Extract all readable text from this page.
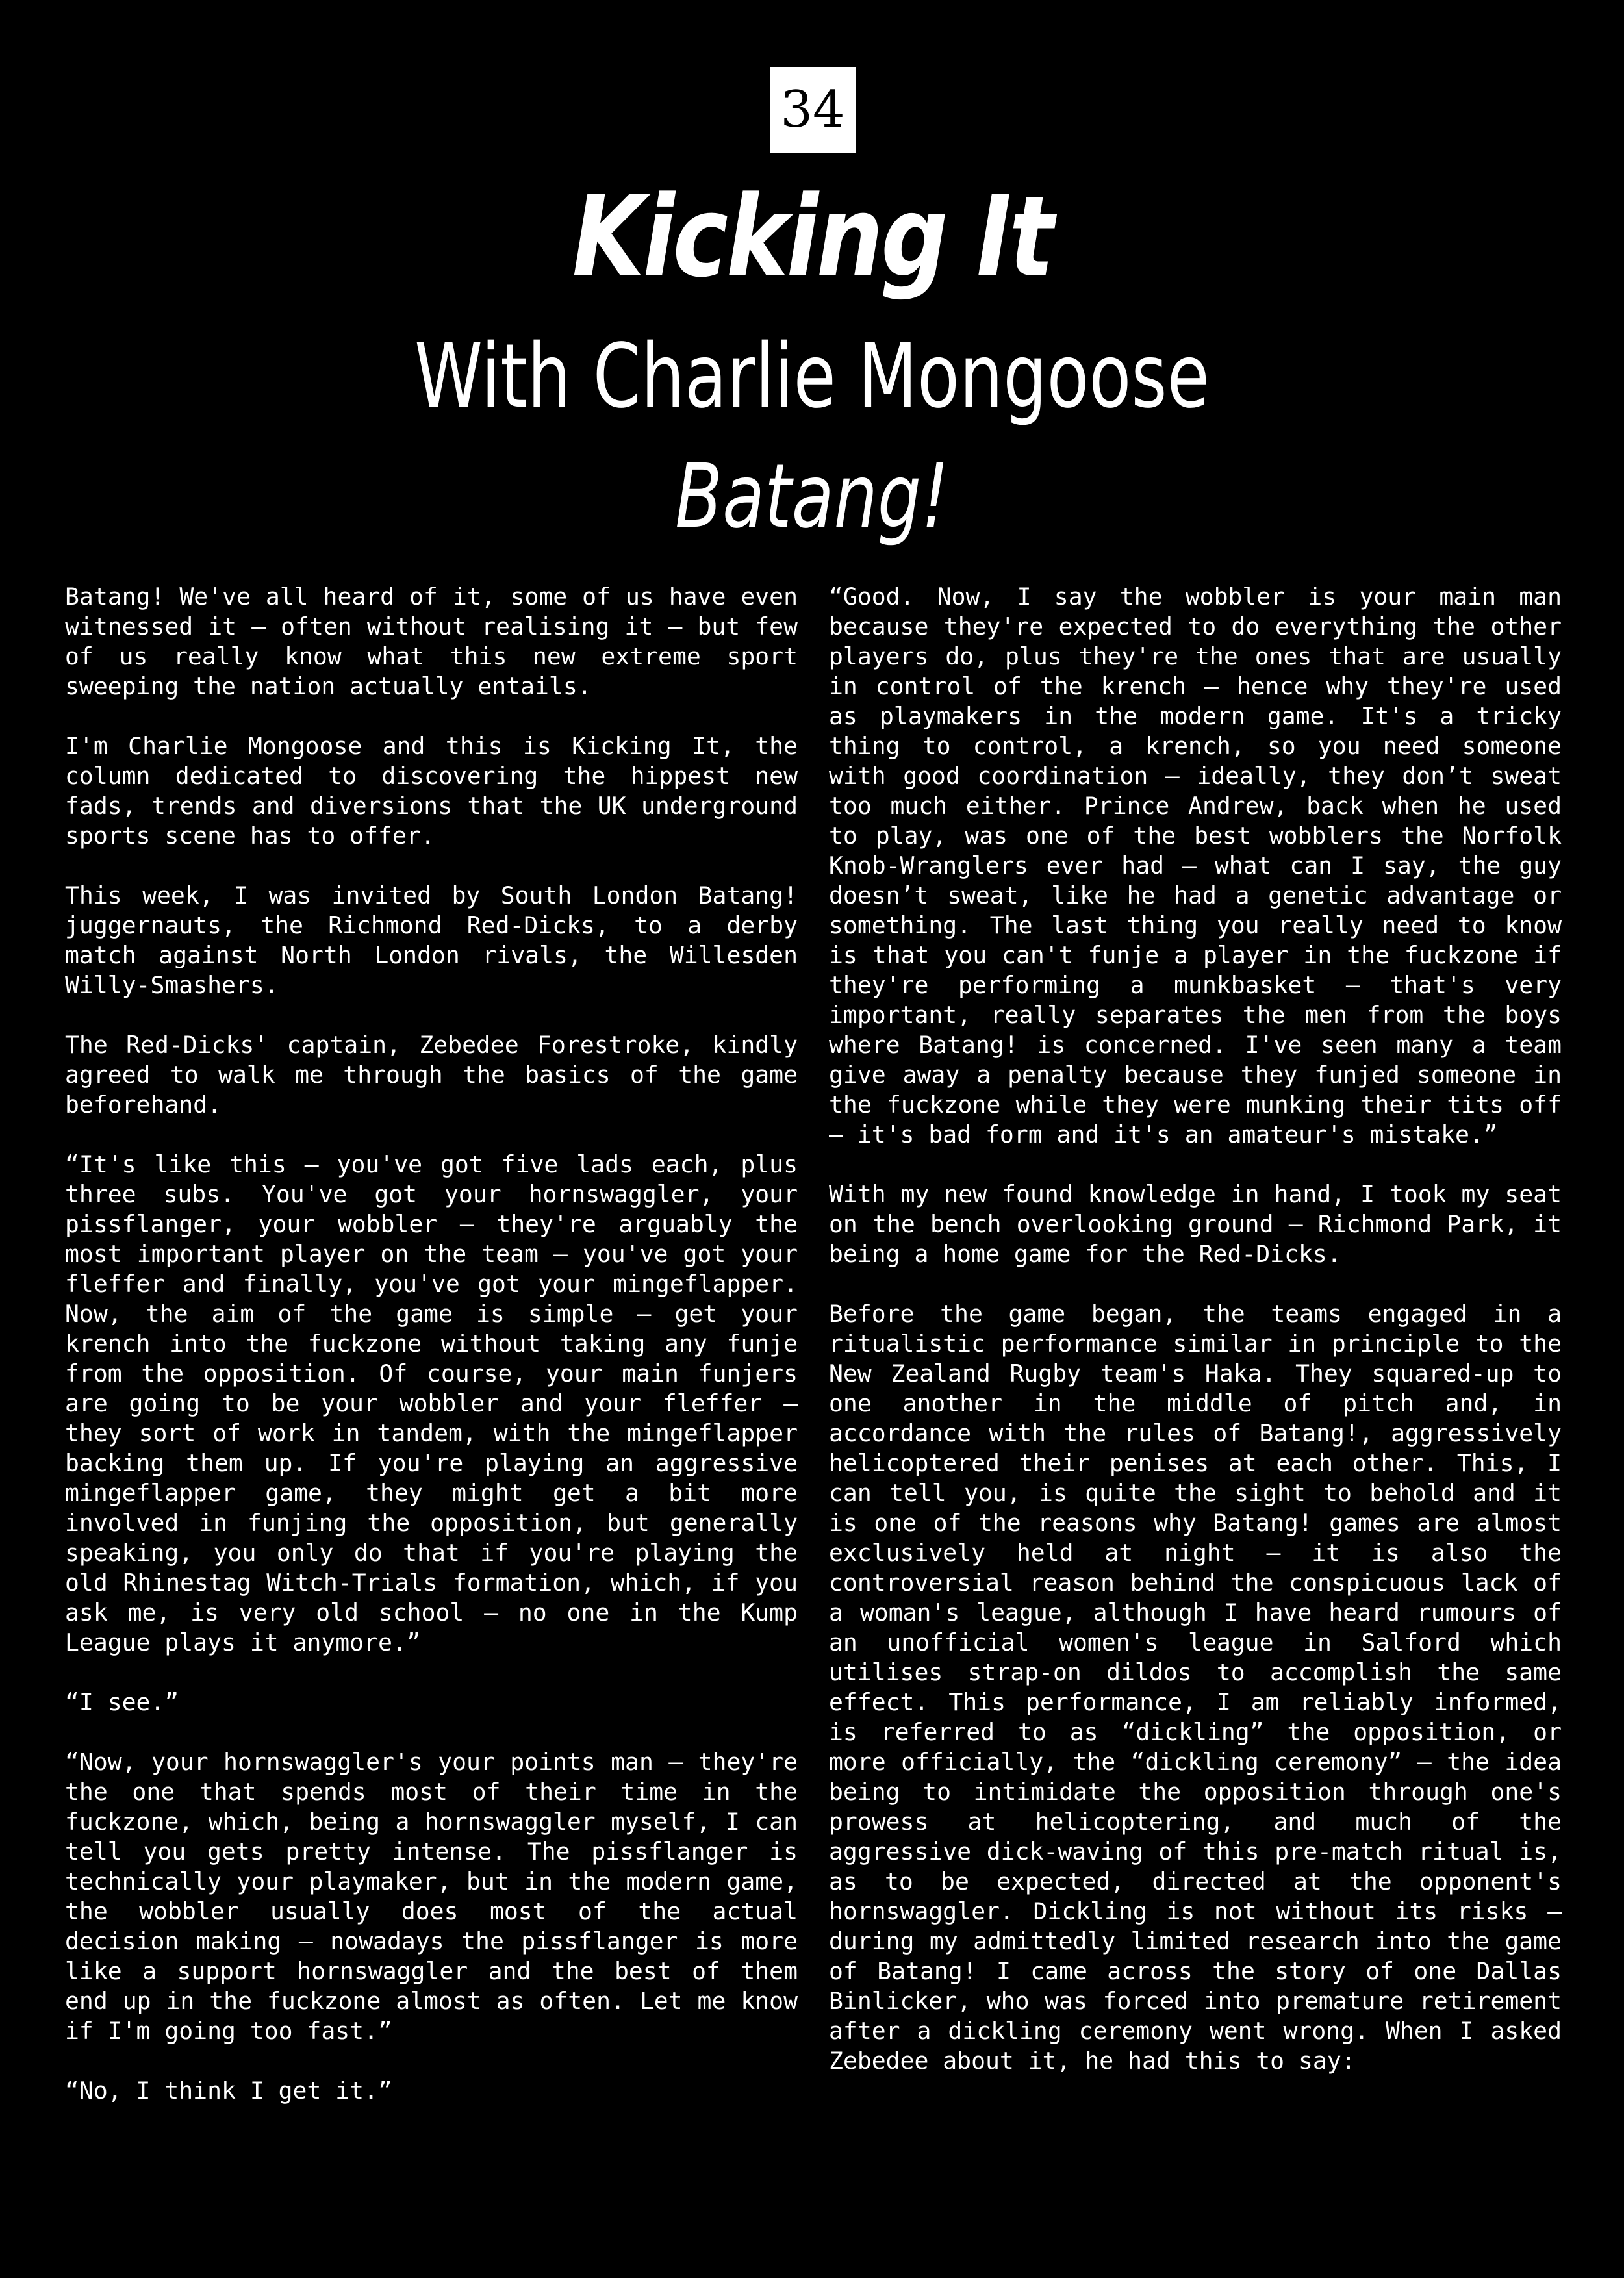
34
Kicking It
With Charlie Mongoose
Batang!

Batang! We've all heard of it, some of us have even witnessed it — often without realising it — but few of us really know what this new extreme sport sweeping the nation actually entails.

I'm Charlie Mongoose and this is Kicking It, the column dedicated to discovering the hippest new fads, trends and diversions that the UK underground sports scene has to offer.

This week, I was invited by South London Batang! juggernauts, the Richmond Red-Dicks, to a derby match against North London rivals, the Willesden Willy-Smashers.

The Red-Dicks' captain, Zebedee Forestroke, kindly agreed to walk me through the basics of the game beforehand.

“It's like this — you've got five lads each, plus three subs. You've got your hornswaggler, your pissflanger, your wobbler — they're arguably the most important player on the team — you've got your fleffer and finally, you've got your mingeflapper. Now, the aim of the game is simple — get your krench into the fuckzone without taking any funje from the opposition. Of course, your main funjers are going to be your wobbler and your fleffer — they sort of work in tandem, with the mingeflapper backing them up. If you're playing an aggressive mingeflapper game, they might get a bit more involved in funjing the opposition, but generally speaking, you only do that if you're playing the old Rhinestag Witch-Trials formation, which, if you ask me, is very old school — no one in the Kump League plays it anymore.”

“I see.”

“Now, your hornswaggler's your points man — they're the one that spends most of their time in the fuckzone, which, being a hornswaggler myself, I can tell you gets pretty intense. The pissflanger is technically your playmaker, but in the modern game, the wobbler usually does most of the actual decision making — nowadays the pissflanger is more like a support hornswaggler and the best of them end up in the fuckzone almost as often. Let me know if I'm going too fast.”

“No, I think I get it.”

“Good. Now, I say the wobbler is your main man because they're expected to do everything the other players do, plus they're the ones that are usually in control of the krench — hence why they're used as playmakers in the modern game. It's a tricky thing to control, a krench, so you need someone with good coordination — ideally, they don’t sweat too much either. Prince Andrew, back when he used to play, was one of the best wobblers the Norfolk Knob-Wranglers ever had — what can I say, the guy doesn’t sweat, like he had a genetic advantage or something. The last thing you really need to know is that you can't funje a player in the fuckzone if they're performing a munkbasket — that's very important, really separates the men from the boys where Batang! is concerned. I've seen many a team give away a penalty because they funjed someone in the fuckzone while they were munking their tits off — it's bad form and it's an amateur's mistake.”

With my new found knowledge in hand, I took my seat on the bench overlooking ground — Richmond Park, it being a home game for the Red-Dicks.

Before the game began, the teams engaged in a ritualistic performance similar in principle to the New Zealand Rugby team's Haka. They squared-up to one another in the middle of pitch and, in accordance with the rules of Batang!, aggressively helicoptered their penises at each other. This, I can tell you, is quite the sight to behold and it is one of the reasons why Batang! games are almost exclusively held at night — it is also the controversial reason behind the conspicuous lack of a woman's league, although I have heard rumours of an unofficial women's league in Salford which utilises strap-on dildos to accomplish the same effect. This performance, I am reliably informed, is referred to as “dickling” the opposition, or more officially, the “dickling ceremony” — the idea being to intimidate the opposition through one's prowess at helicoptering, and much of the aggressive dick-waving of this pre-match ritual is, as to be expected, directed at the opponent's hornswaggler. Dickling is not without its risks — during my admittedly limited research into the game of Batang! I came across the story of one Dallas Binlicker, who was forced into premature retirement after a dickling ceremony went wrong. When I asked Zebedee about it, he had this to say:
